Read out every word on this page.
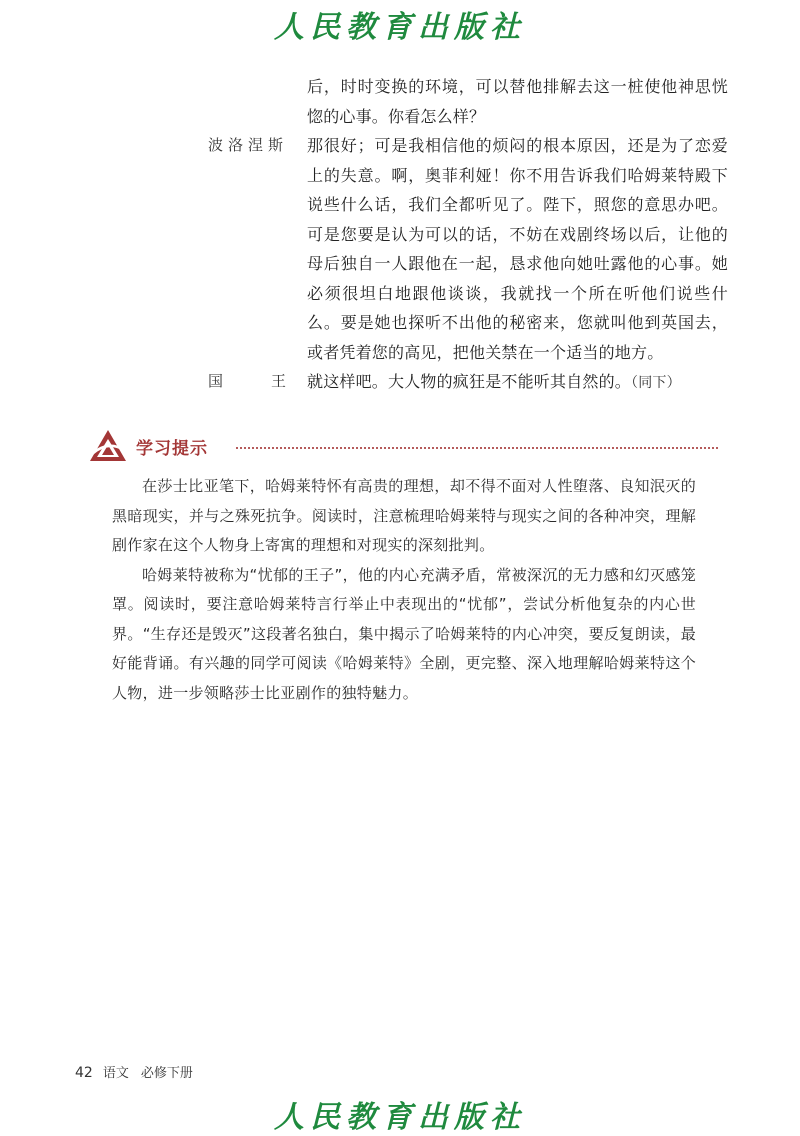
人民教育出版社
后，时时变换的环境，可以替他排解去这一桩使他神思恍惚的心事。你看怎么样？
波洛涅斯	那很好；可是我相信他的烦闷的根本原因，还是为了恋爱上的失意。啊，奥菲利娅！你不用告诉我们哈姆莱特殿下说些什么话，我们全都听见了。陛下，照您的意思办吧。可是您要是认为可以的话，不妨在戏剧终场以后，让他的母后独自一人跟他在一起，恳求他向她吐露他的心事。她必须很坦白地跟他谈谈，我就找一个所在听他们说些什么。要是她也探听不出他的秘密来，您就叫他到英国去，或者凭着您的高见，把他关禁在一个适当的地方。
国王
就这样吧。大人物的疯狂是不能听其自然的。（同下）
学习提示

在莎士比亚笔下，哈姆莱特怀有高贵的理想，却不得不面对人性堕落、良知泯灭的黑暗现实，并与之殊死抗争。阅读时，注意梳理哈姆莱特与现实之间的各种冲突，理解剧作家在这个人物身上寄寓的理想和对现实的深刻批判。

哈姆莱特被称为“忧郁的王子”，他的内心充满矛盾，常被深沉的无力感和幻灭感笼罩。阅读时，要注意哈姆莱特言行举止中表现出的“忧郁”，尝试分析他复杂的内心世界。“生存还是毁灭”这段著名独白，集中揭示了哈姆莱特的内心冲突，要反复朗读，最好能背诵。有兴趣的同学可阅读《哈姆莱特》全剧，更完整、深入地理解哈姆莱特这个人物，进一步领略莎士比亚剧作的独特魅力。

42 语文 必修下册
人民教育出版社
